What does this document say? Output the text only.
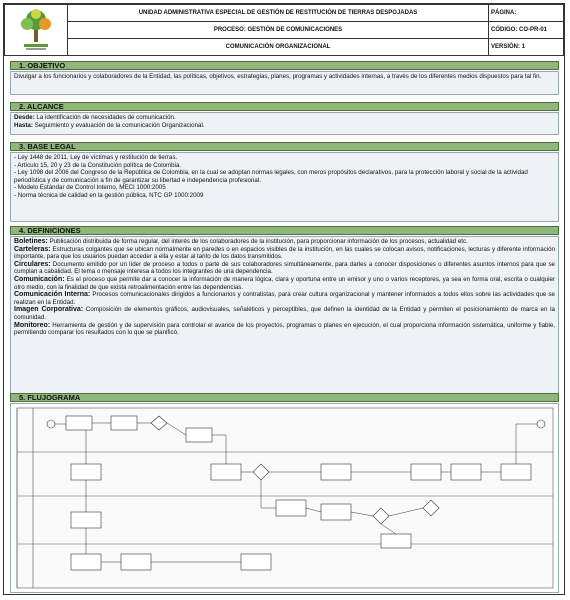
	UNIDAD ADMINISTRATIVA ESPECIAL DE GESTIÓN DE RESTITUCIÓN DE TIERRAS DESPOJADAS	PÁGINA:
	PROCESO: GESTIÓN DE COMUNICACIONES	CÓDIGO: CO-PR-01
	COMUNICACIÓN ORGANIZACIONAL	VERSIÓN: 1
1. OBJETIVO

Divulgar a los funcionarios y colaboradores de la Entidad, las políticas, objetivos, estrategias, planes, programas y actividades internas, a través de los diferentes medios dispuestos para tal fin.

2. ALCANCE

Desde: La identificación de necesidades de comunicación.

Hasta: Seguimiento y evaluación de la comunicación Organizacional.

3. BASE LEGAL

- Ley 1448 de 2011. Ley de víctimas y restitución de tierras.

- Artículo 15, 20 y 23 de la Constitución política de Colombia.

- Ley 1098 del 2006 del Congreso de la República de Colombia, en la cual se adoptan normas legales, con meros propósitos declarativos, para la protección laboral y social de la actividad periodística y de comunicación a fin de garantizar su libertad e independencia profesional.

- Modelo Estándar de Control Interno, MECI 1000:2005

- Norma técnica de calidad en la gestión pública, NTC GP 1000:2009

4. DEFINICIONES

Boletines: Publicación distribuida de forma regular, del interés de los colaboradores de la institución, para proporcionar información de los procesos, actualidad etc.

Carteleras: Estructuras colgantes que se ubican normalmente en paredes o en espacios visibles de la institución, en las cuales se colocan avisos, notificaciones, lecturas y diferente información importante, para que los usuarios puedan acceder a ella y estar al tanto de los datos transmitidos.

Circulares: Documento emitido por un líder de proceso a todos o parte de sus colaboradores simultáneamente, para darles a conocer disposiciones o diferentes asuntos internos para que se cumplan a cabalidad. El tema o mensaje interesa a todos los integrantes de una dependencia.

Comunicación: Es el proceso que permite dar a conocer la información de manera lógica, clara y oportuna entre un emisor y uno o varios receptores, ya sea en forma oral, escrita o cualquier otro medio, con la finalidad de que exista retroalimentación entre las dependencias.

Comunicación Interna: Procesos comunicacionales dirigidos a funcionarios y contratistas, para crear cultura organizacional y mantener informados a todos ellos sobre las actividades que se realizan en la Entidad.

Imagen Corporativa: Composición de elementos gráficos, audiovisuales, señaléticos y perceptibles, que definen la identidad de la Entidad y permiten el posicionamiento de marca en la comunidad.

Monitoreo: Herramienta de gestión y de supervisión para controlar el avance de los proyectos, programas o planes en ejecución, el cual proporciona información sistemática, uniforme y fiable, permitiendo comparar los resultados con lo que se planificó.

5. FLUJOGRAMA
